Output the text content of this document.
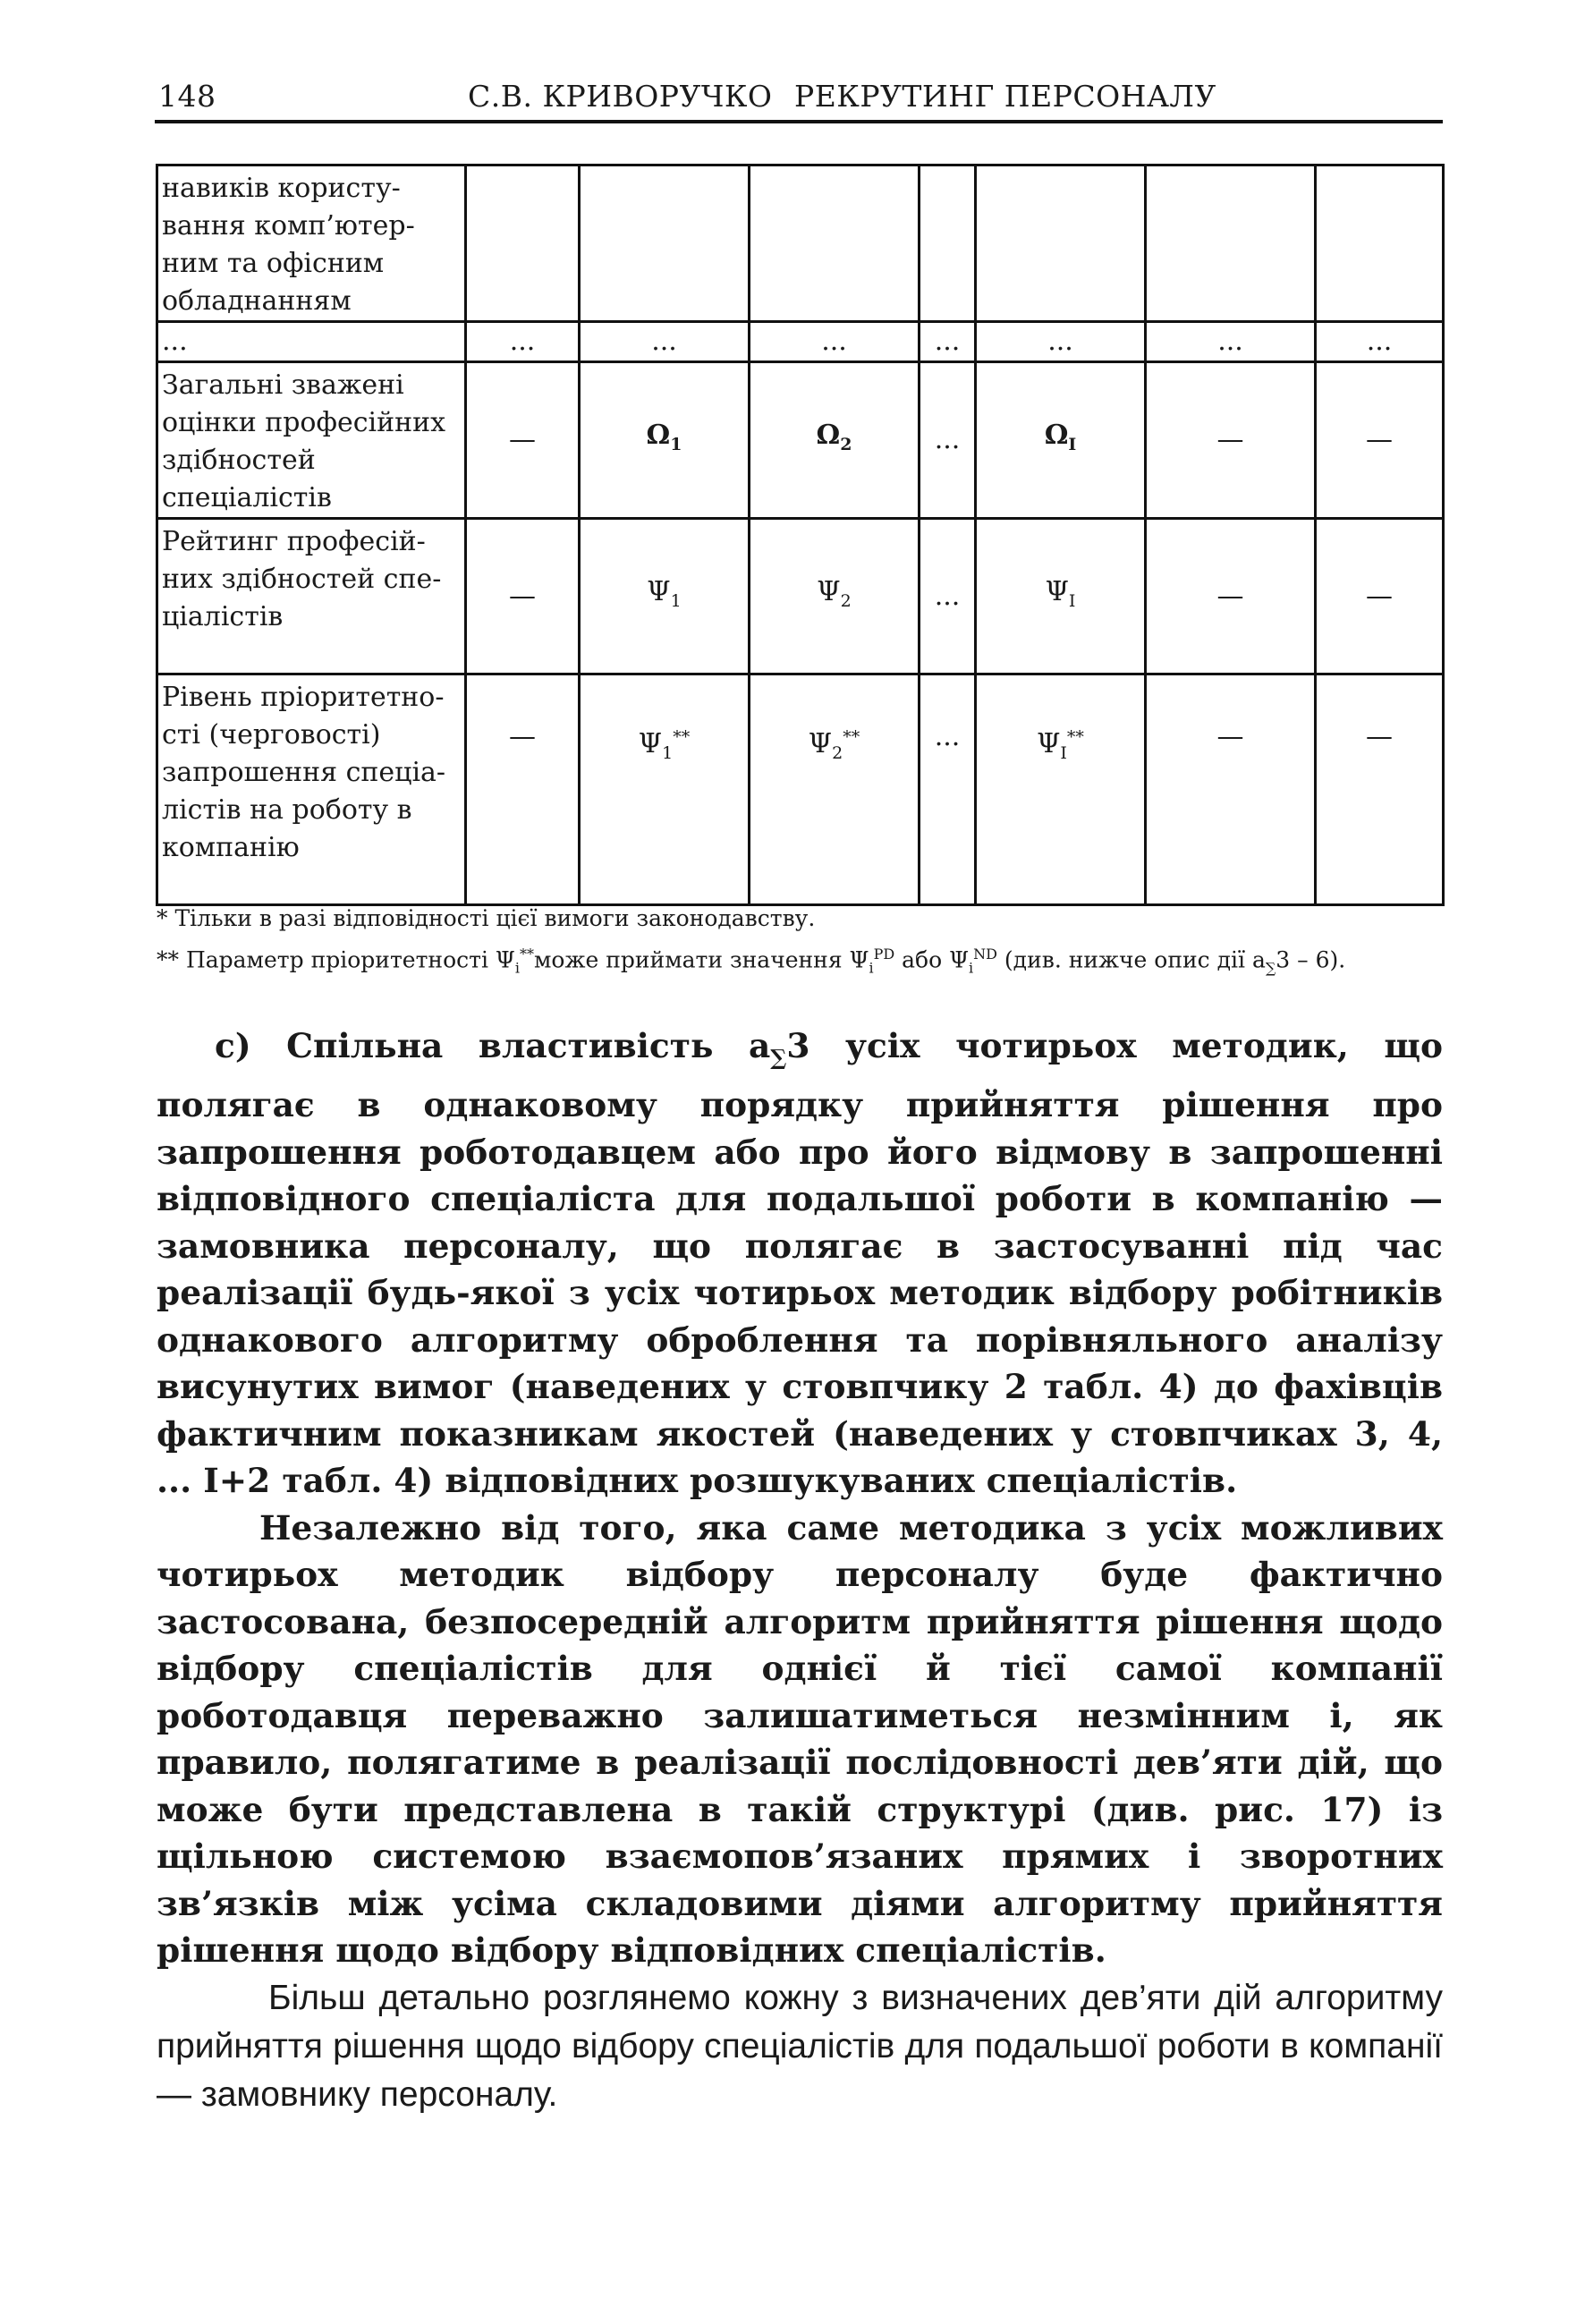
148	С.В. КРИВОРУЧКО РЕКРУТИНГ ПЕРСОНАЛУ
навиків користу-вання комп’ютер-ним та офісним обладнанням							
...	...	...	...	...	...	...	...
Загальні зважені оцінки професійних здібностей спеціалістів	—	$\Omega_1$	$\Omega_2$	...	$\Omega_I$	—	—
Рейтинг професій-них здібностей спе-ціалістів	—	$\Psi_1$	$\Psi_2$	...	$\Psi_I$	—	—
Рівень пріоритетно-сті (черговості) запрошення спеціа-лістів на роботу в компанію	—	$\Psi_1^{**}$	$\Psi_2^{**}$	...	$\Psi_I^{**}$	—	—

* Тільки в разі відповідності цієї вимоги законодавству.

** Параметр пріоритетності $\Psi_i^{**}може$ приймати значення $\Psi_i^{PD}$ або $\Psi_i^{ND}$ (див. нижче опис дії $a_\sum 3 - 6$).

c) Спільна властивість $a_\sum 3$ усіх чотирьох методик, що полягає в однаковому порядку прийняття рішення про запрошення роботодавцем або про його відмову в запрошенні відповідного спеціаліста для подальшої роботи в компанію — замовника персоналу, що полягає в застосуванні під час реалізації будь-якої з усіх чотирьох методик відбору робітників однакового алгоритму оброблення та порівняльного аналізу висунутих вимог (наведених у стовпчику 2 табл. 4) до фахівців фактичним показникам якостей (наведених у стовпчиках 3, 4, ... І+2 табл. 4) відповідних розшукуваних спеціалістів.

Незалежно від того, яка саме методика з усіх можливих чотирьох методик відбору персоналу буде фактично застосована, безпосередній алгоритм прийняття рішення щодо відбору спеціалістів для однієї й тієї самої компанії роботодавця переважно залишатиметься незмінним і, як правило, полягатиме в реалізації послідовності дев’яти дій, що може бути представлена в такій структурі (див. рис. 17) із щільною системою взаємопов’язаних прямих і зворотних зв’язків між усіма складовими діями алгоритму прийняття рішення щодо відбору відповідних спеціалістів.

Більш детально розглянемо кожну з визначених дев’яти дій алгоритму прийняття рішення щодо відбору спеціалістів для подальшої роботи в компанії — замовнику персоналу.
